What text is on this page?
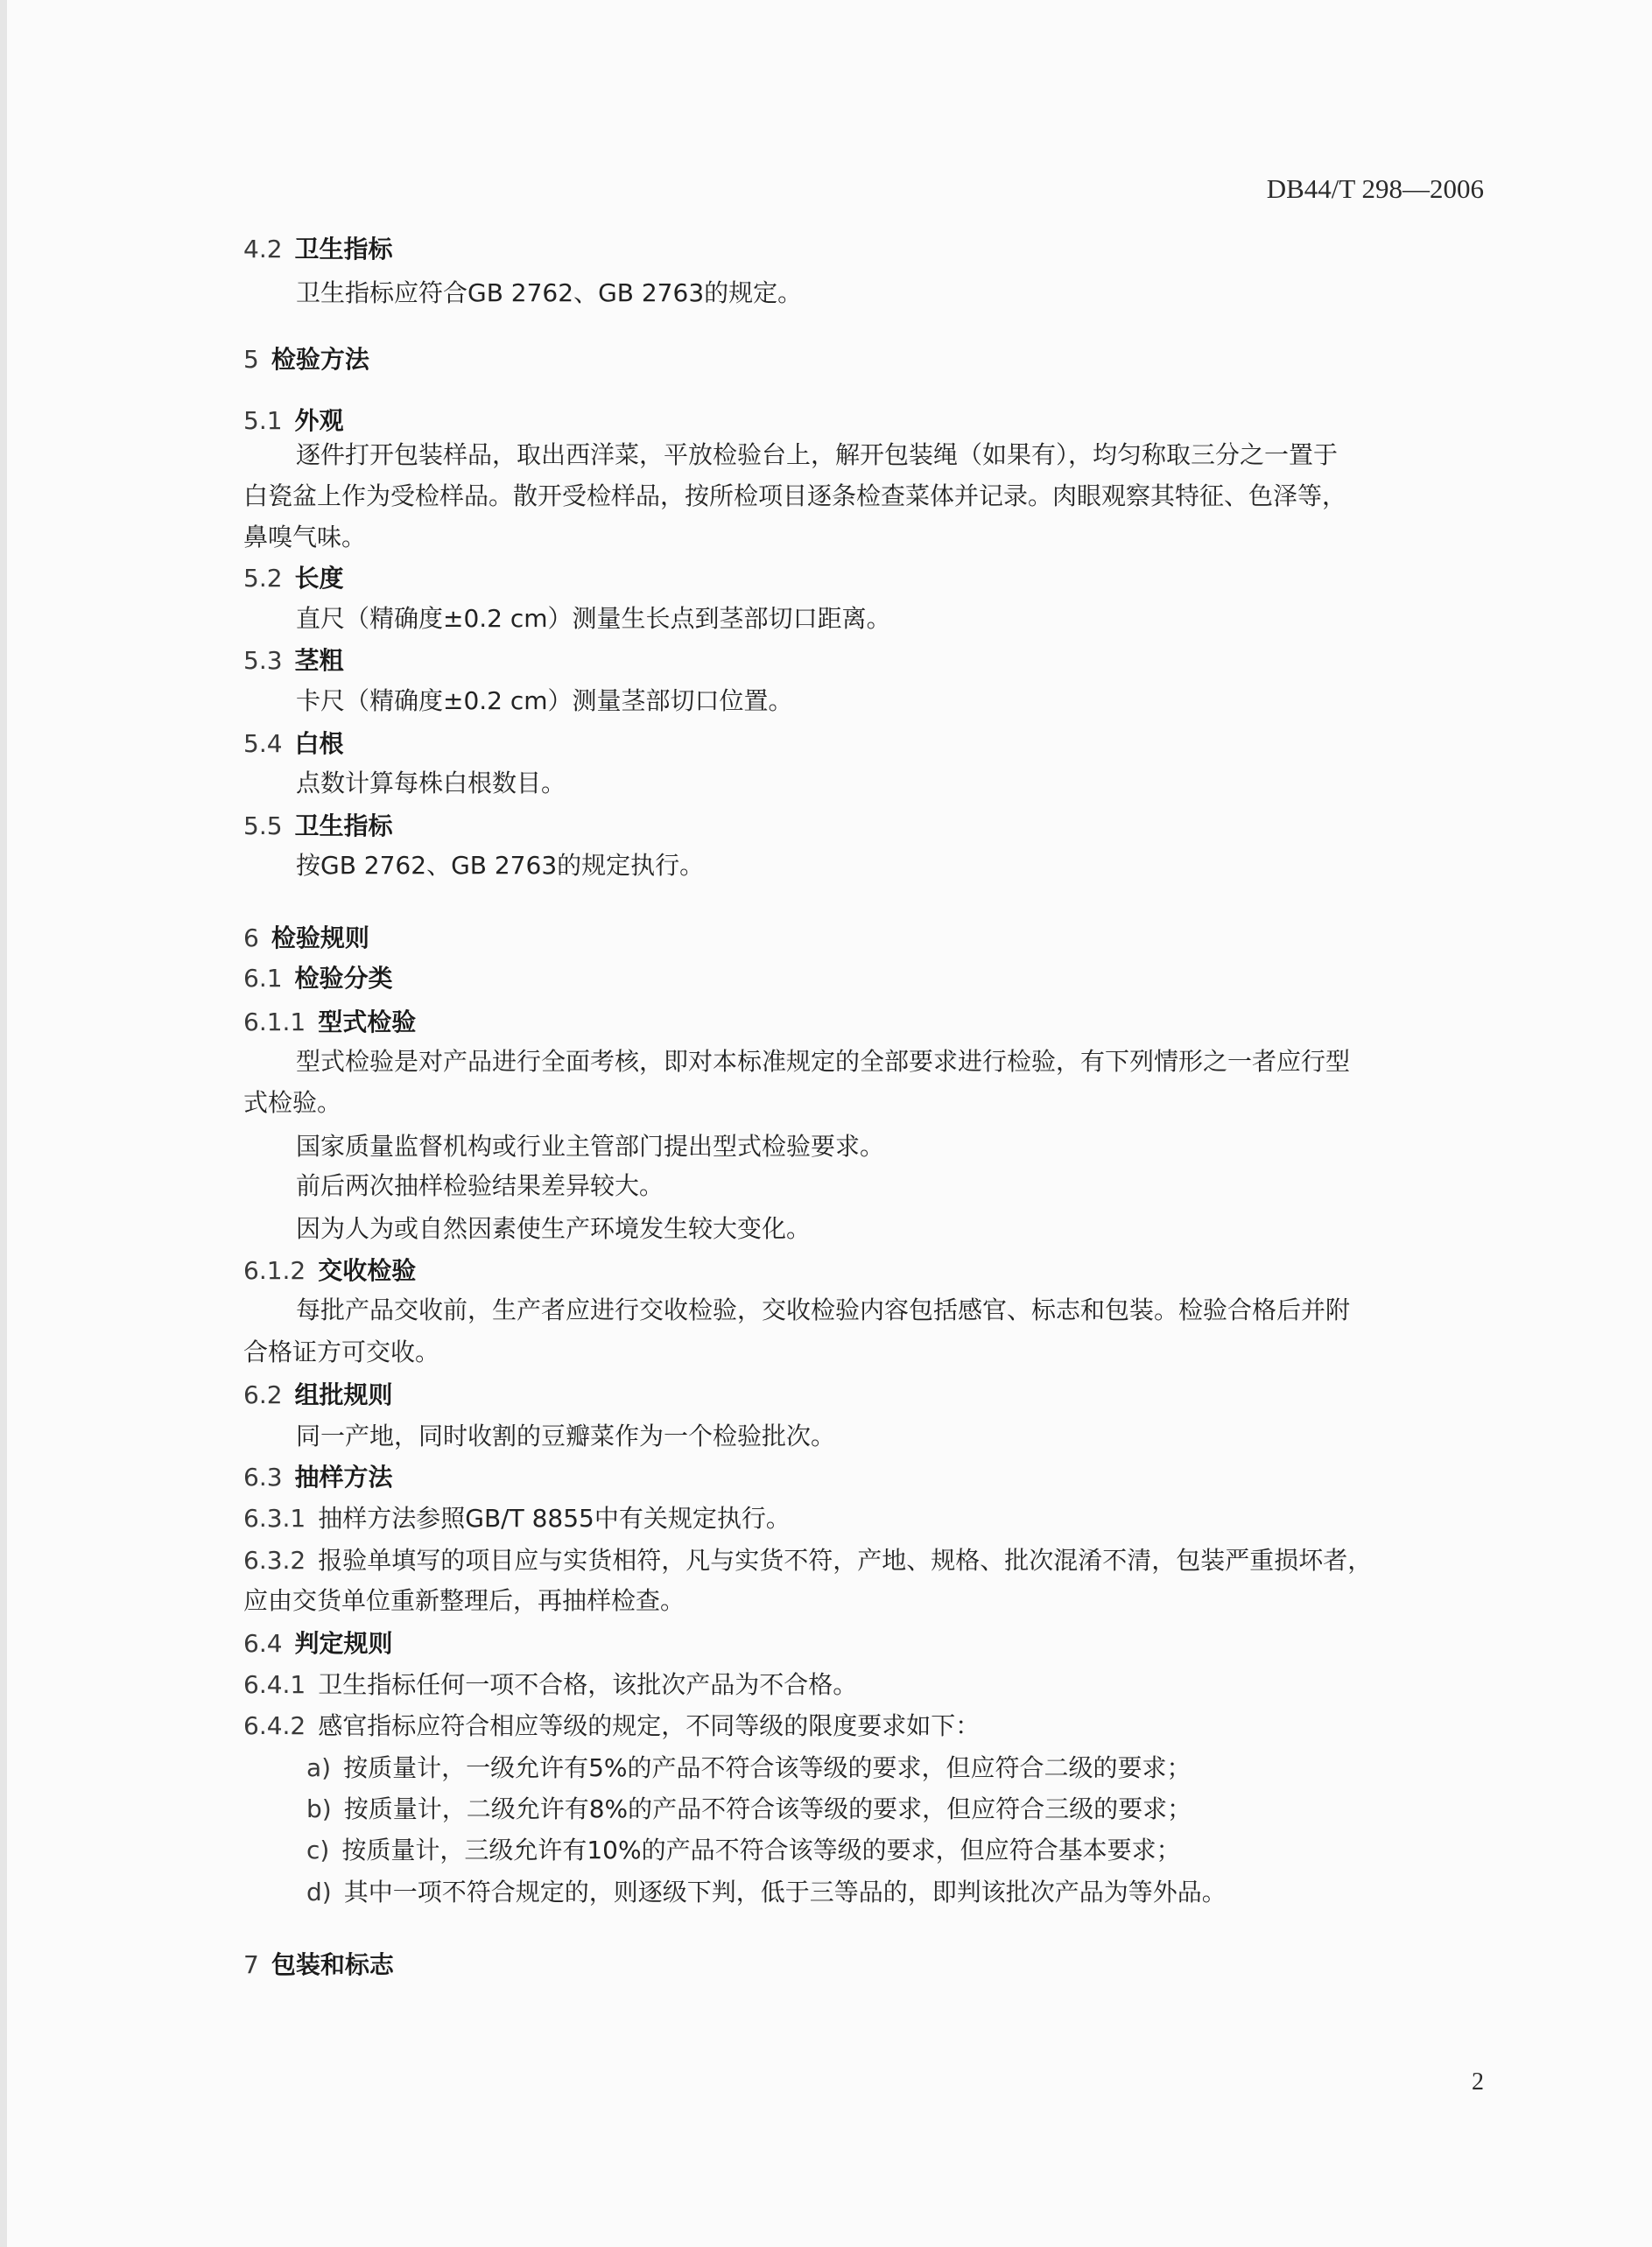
DB44/T 298—2006
4.2 卫生指标
卫生指标应符合GB 2762、GB 2763的规定。
5 检验方法
5.1 外观
逐件打开包装样品，取出西洋菜，平放检验台上，解开包装绳（如果有），均匀称取三分之一置于
白瓷盆上作为受检样品。散开受检样品，按所检项目逐条检查菜体并记录。肉眼观察其特征、色泽等，
鼻嗅气味。
5.2 长度
直尺（精确度±0.2 cm）测量生长点到茎部切口距离。
5.3 茎粗
卡尺（精确度±0.2 cm）测量茎部切口位置。
5.4 白根
点数计算每株白根数目。
5.5 卫生指标
按GB 2762、GB 2763的规定执行。
6 检验规则
6.1 检验分类
6.1.1 型式检验
型式检验是对产品进行全面考核，即对本标准规定的全部要求进行检验，有下列情形之一者应行型
式检验。
国家质量监督机构或行业主管部门提出型式检验要求。
前后两次抽样检验结果差异较大。
因为人为或自然因素使生产环境发生较大变化。
6.1.2 交收检验
每批产品交收前，生产者应进行交收检验，交收检验内容包括感官、标志和包装。检验合格后并附
合格证方可交收。
6.2 组批规则
同一产地，同时收割的豆瓣菜作为一个检验批次。
6.3 抽样方法
6.3.1 抽样方法参照GB/T 8855中有关规定执行。
6.3.2 报验单填写的项目应与实货相符，凡与实货不符，产地、规格、批次混淆不清，包装严重损坏者，
应由交货单位重新整理后，再抽样检查。
6.4 判定规则
6.4.1 卫生指标任何一项不合格，该批次产品为不合格。
6.4.2 感官指标应符合相应等级的规定，不同等级的限度要求如下：
a) 按质量计，一级允许有5%的产品不符合该等级的要求，但应符合二级的要求；
b) 按质量计，二级允许有8%的产品不符合该等级的要求，但应符合三级的要求；
c) 按质量计，三级允许有10%的产品不符合该等级的要求，但应符合基本要求；
d) 其中一项不符合规定的，则逐级下判，低于三等品的，即判该批次产品为等外品。
7 包装和标志
2
